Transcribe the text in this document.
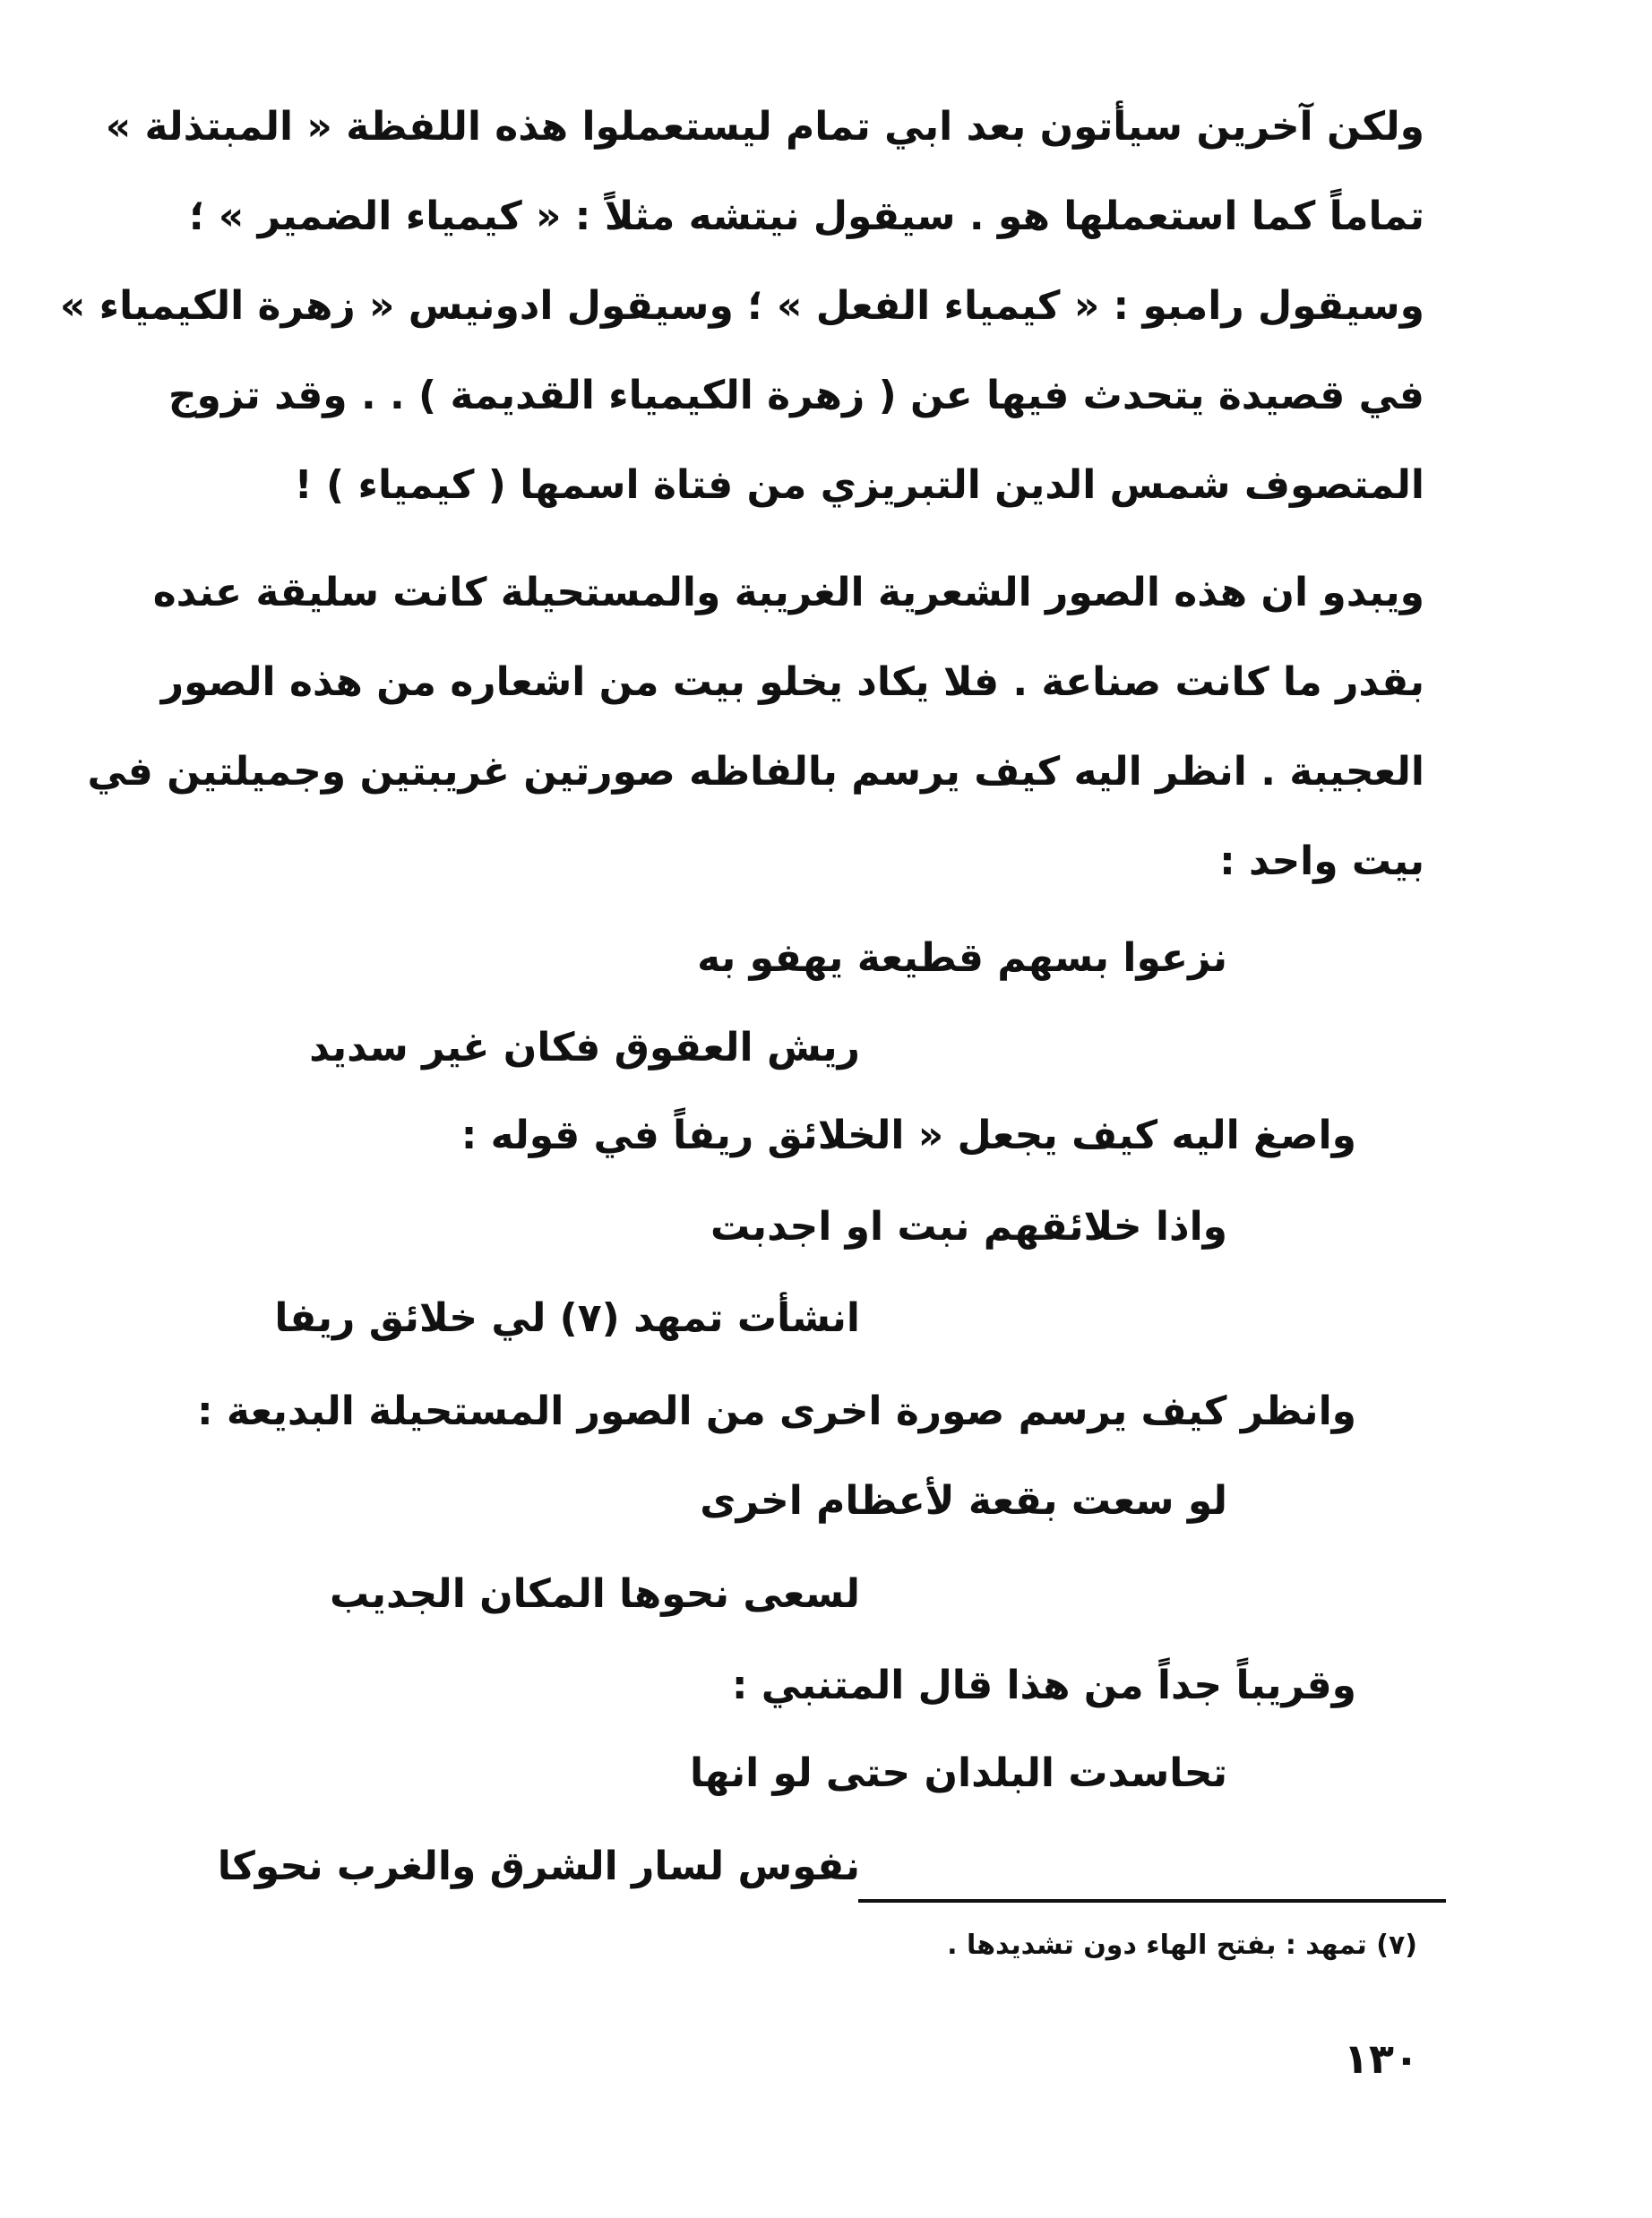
ولكن آخرين سيأتون بعد ابي تمام ليستعملوا هذه اللفظة « المبتذلة »
تماماً كما استعملها هو . سيقول نيتشه مثلاً : « كيمياء الضمير » ؛
وسيقول رامبو : « كيمياء الفعل » ؛ وسيقول ادونيس « زهرة الكيمياء »
في قصيدة يتحدث فيها عن ( زهرة الكيمياء القديمة ) . . وقد تزوج
المتصوف شمس الدين التبريزي من فتاة اسمها ( كيمياء ) !
ويبدو ان هذه الصور الشعرية الغريبة والمستحيلة كانت سليقة عنده
بقدر ما كانت صناعة . فلا يكاد يخلو بيت من اشعاره من هذه الصور
العجيبة . انظر اليه كيف يرسم بالفاظه صورتين غريبتين وجميلتين في
بيت واحد :
نزعوا بسهم قطيعة يهفو به
ريش العقوق فكان غير سديد
واصغ اليه كيف يجعل « الخلائق ريفاً في قوله :
واذا خلائقهم نبت او اجدبت
انشأت تمهد (٧) لي خلائق ريفا
وانظر كيف يرسم صورة اخرى من الصور المستحيلة البديعة :
لو سعت بقعة لأعظام اخرى
لسعى نحوها المكان الجديب
وقريباً جداً من هذا قال المتنبي :
تحاسدت البلدان حتى لو انها
نفوس لسار الشرق والغرب نحوكا
(٧) تمهد : بفتح الهاء دون تشديدها .
١٣٠
